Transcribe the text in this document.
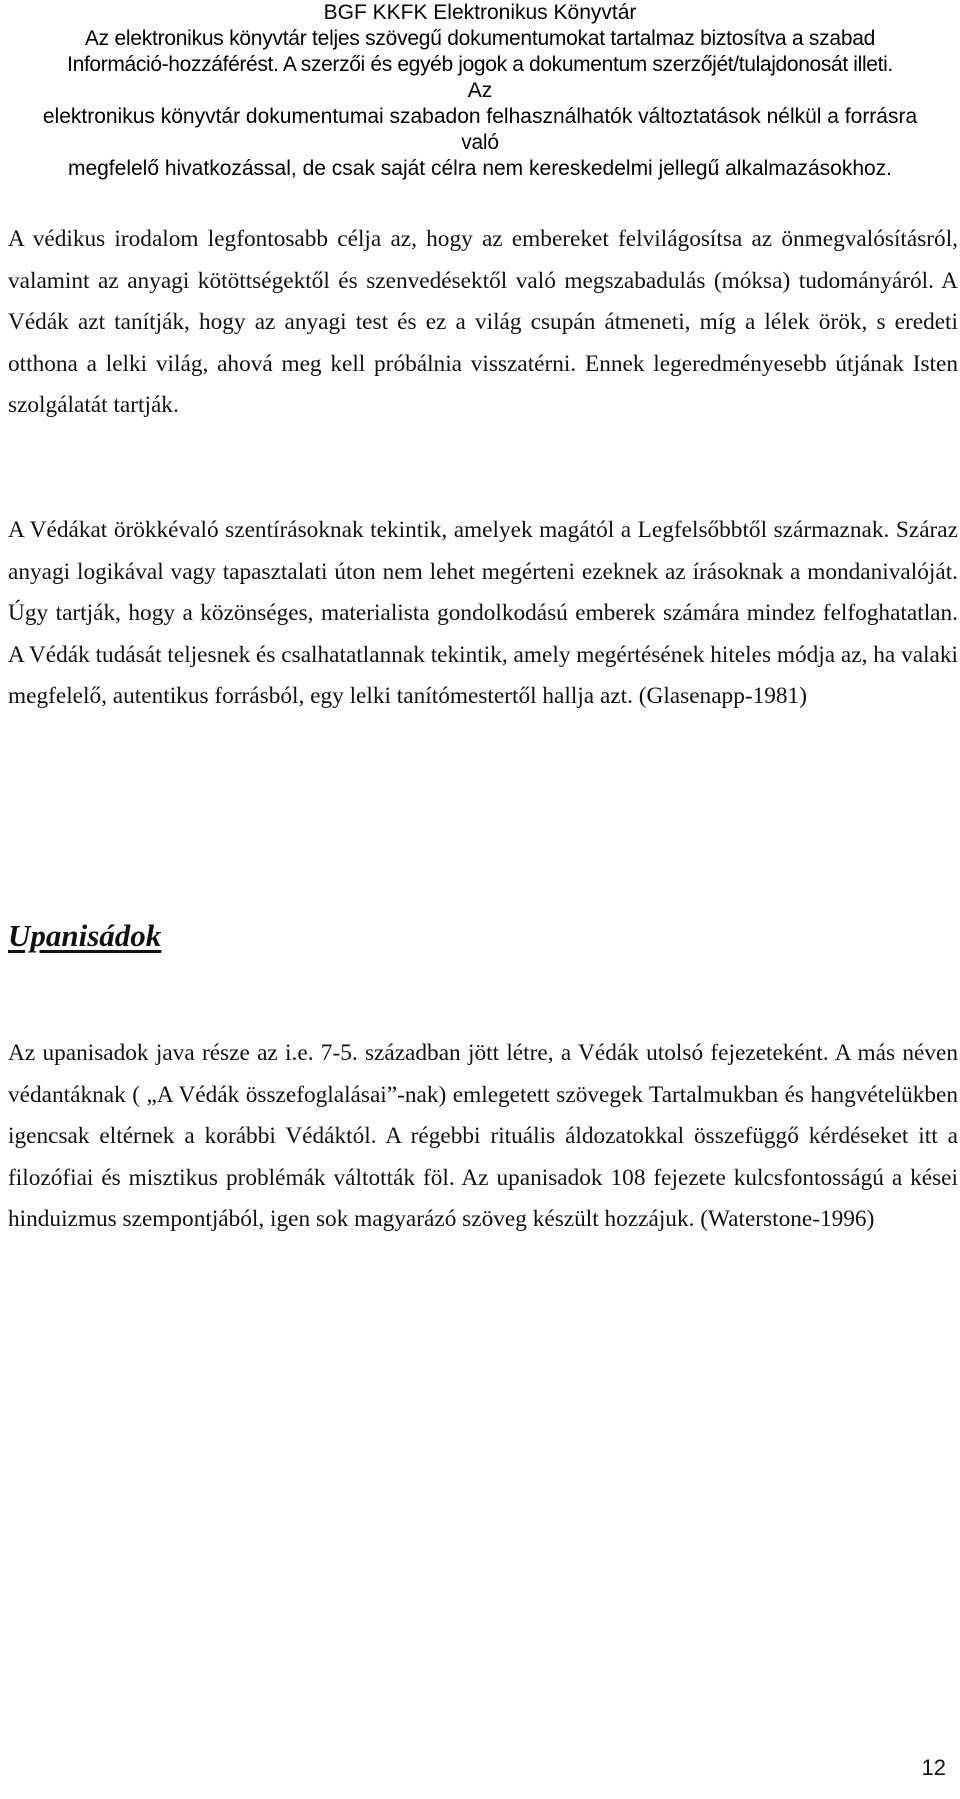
BGF KKFK Elektronikus Könyvtár
Az elektronikus könyvtár teljes szövegű dokumentumokat tartalmaz biztosítva a szabad
Információ-hozzáférést. A szerzői és egyéb jogok a dokumentum szerzőjét/tulajdonosát illeti.
Az
elektronikus könyvtár dokumentumai szabadon felhasználhatók változtatások nélkül a forrásra
való
megfelelő hivatkozással, de csak saját célra nem kereskedelmi jellegű alkalmazásokhoz.

A védikus irodalom legfontosabb célja az, hogy az embereket felvilágosítsa az önmegvalósításról, valamint az anyagi kötöttségektől és szenvedésektől való megszabadulás (móksa) tudományáról. A Védák azt tanítják, hogy az anyagi test és ez a világ csupán átmeneti, míg a lélek örök, s eredeti otthona a lelki világ, ahová meg kell próbálnia visszatérni. Ennek legeredményesebb útjának Isten szolgálatát tartják.

A Védákat örökkévaló szentírásoknak tekintik, amelyek magától a Legfelsőbbtől származnak. Száraz anyagi logikával vagy tapasztalati úton nem lehet megérteni ezeknek az írásoknak a mondanivalóját. Úgy tartják, hogy a közönséges, materialista gondolkodású emberek számára mindez felfoghatatlan. A Védák tudását teljesnek és csalhatatlannak tekintik, amely megértésének hiteles módja az, ha valaki megfelelő, autentikus forrásból, egy lelki tanítómestertől hallja azt. (Glasenapp-1981)

Upanisádok

Az upanisadok java része az i.e. 7-5. században jött létre, a Védák utolsó fejezeteként. A más néven védantáknak ( „A Védák összefoglalásai”-nak) emlegetett szövegek Tartalmukban és hangvételükben igencsak eltérnek a korábbi Védáktól. A régebbi rituális áldozatokkal összefüggő kérdéseket itt a filozófiai és misztikus problémák váltották föl. Az upanisadok 108 fejezete kulcsfontosságú a kései hinduizmus szempontjából, igen sok magyarázó szöveg készült hozzájuk. (Waterstone-1996)

12
